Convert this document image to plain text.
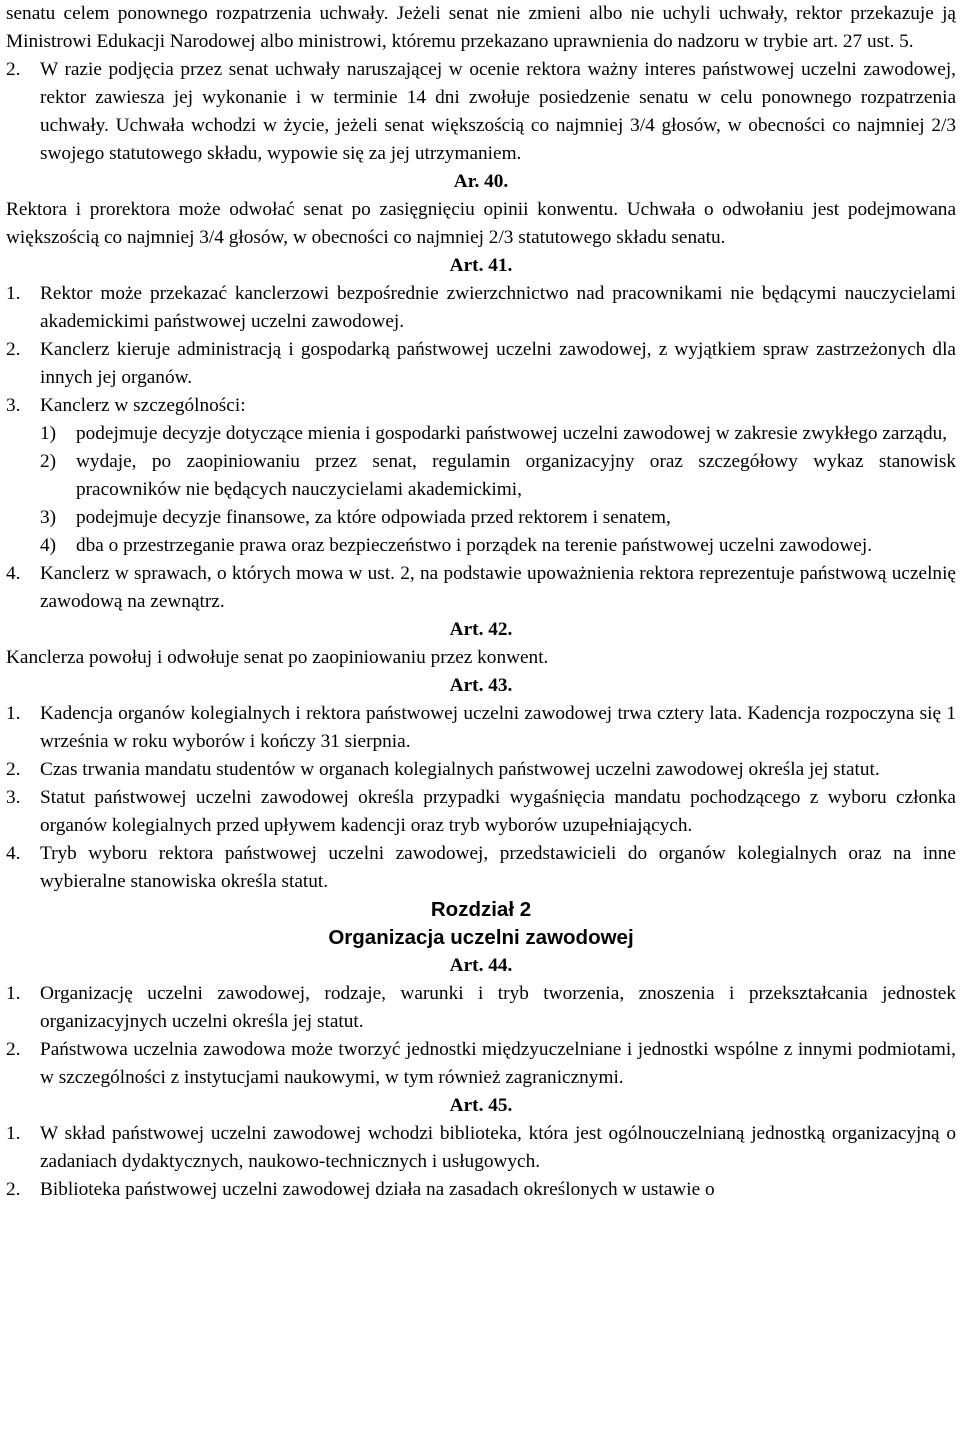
senatu celem ponownego rozpatrzenia uchwały. Jeżeli senat nie zmieni albo nie uchyli uchwały, rektor przekazuje ją Ministrowi Edukacji Narodowej albo ministrowi, któremu przekazano uprawnienia do nadzoru w trybie art. 27 ust. 5.

2.	W razie podjęcia przez senat uchwały naruszającej w ocenie rektora ważny interes państwowej uczelni zawodowej, rektor zawiesza jej wykonanie i w terminie 14 dni zwołuje posiedzenie senatu w celu ponownego rozpatrzenia uchwały. Uchwała wchodzi w życie, jeżeli senat większością co najmniej 3/4 głosów, w obecności co najmniej 2/3 swojego statutowego składu, wypowie się za jej utrzymaniem.

Ar. 40.

Rektora i prorektora może odwołać senat po zasięgnięciu opinii konwentu. Uchwała o odwołaniu jest podejmowana większością co najmniej 3/4 głosów, w obecności co najmniej 2/3 statutowego składu senatu.

Art. 41.

1.	Rektor może przekazać kanclerzowi bezpośrednie zwierzchnictwo nad pracownikami nie będącymi nauczycielami akademickimi państwowej uczelni zawodowej.
2.	Kanclerz kieruje administracją i gospodarką państwowej uczelni zawodowej, z wyjątkiem spraw zastrzeżonych dla innych jej organów.
3.	Kanclerz w szczególności:
1)	podejmuje decyzje dotyczące mienia i gospodarki państwowej uczelni zawodowej w zakresie zwykłego zarządu,
2)	wydaje, po zaopiniowaniu przez senat, regulamin organizacyjny oraz szczegółowy wykaz stanowisk pracowników nie będących nauczycielami akademickimi,
3)	podejmuje decyzje finansowe, za które odpowiada przed rektorem i senatem,
4)	dba o przestrzeganie prawa oraz bezpieczeństwo i porządek na terenie państwowej uczelni zawodowej.
4.	Kanclerz w sprawach, o których mowa w ust. 2, na podstawie upoważnienia rektora reprezentuje państwową uczelnię zawodową na zewnątrz.

Art. 42.

Kanclerza powołuj i odwołuje senat po zaopiniowaniu przez konwent.

Art. 43.

1.	Kadencja organów kolegialnych i rektora państwowej uczelni zawodowej trwa cztery lata. Kadencja rozpoczyna się 1 września w roku wyborów i kończy 31 sierpnia.
2.	Czas trwania mandatu studentów w organach kolegialnych państwowej uczelni zawodowej określa jej statut.
3.	Statut państwowej uczelni zawodowej określa przypadki wygaśnięcia mandatu pochodzącego z wyboru członka organów kolegialnych przed upływem kadencji oraz tryb wyborów uzupełniających.
4.	Tryb wyboru rektora państwowej uczelni zawodowej, przedstawicieli do organów kolegialnych oraz na inne wybieralne stanowiska określa statut.

Rozdział 2

Organizacja uczelni zawodowej

Art. 44.

1.	Organizację uczelni zawodowej, rodzaje, warunki i tryb tworzenia, znoszenia i przekształcania jednostek organizacyjnych uczelni określa jej statut.
2.	Państwowa uczelnia zawodowa może tworzyć jednostki międzyuczelniane i jednostki wspólne z innymi podmiotami, w szczególności z instytucjami naukowymi, w tym również zagranicznymi.

Art. 45.

1.	W skład państwowej uczelni zawodowej wchodzi biblioteka, która jest ogólnouczelnianą jednostką organizacyjną o zadaniach dydaktycznych, naukowo-technicznych i usługowych.
2.	Biblioteka państwowej uczelni zawodowej działa na zasadach określonych w ustawie o
